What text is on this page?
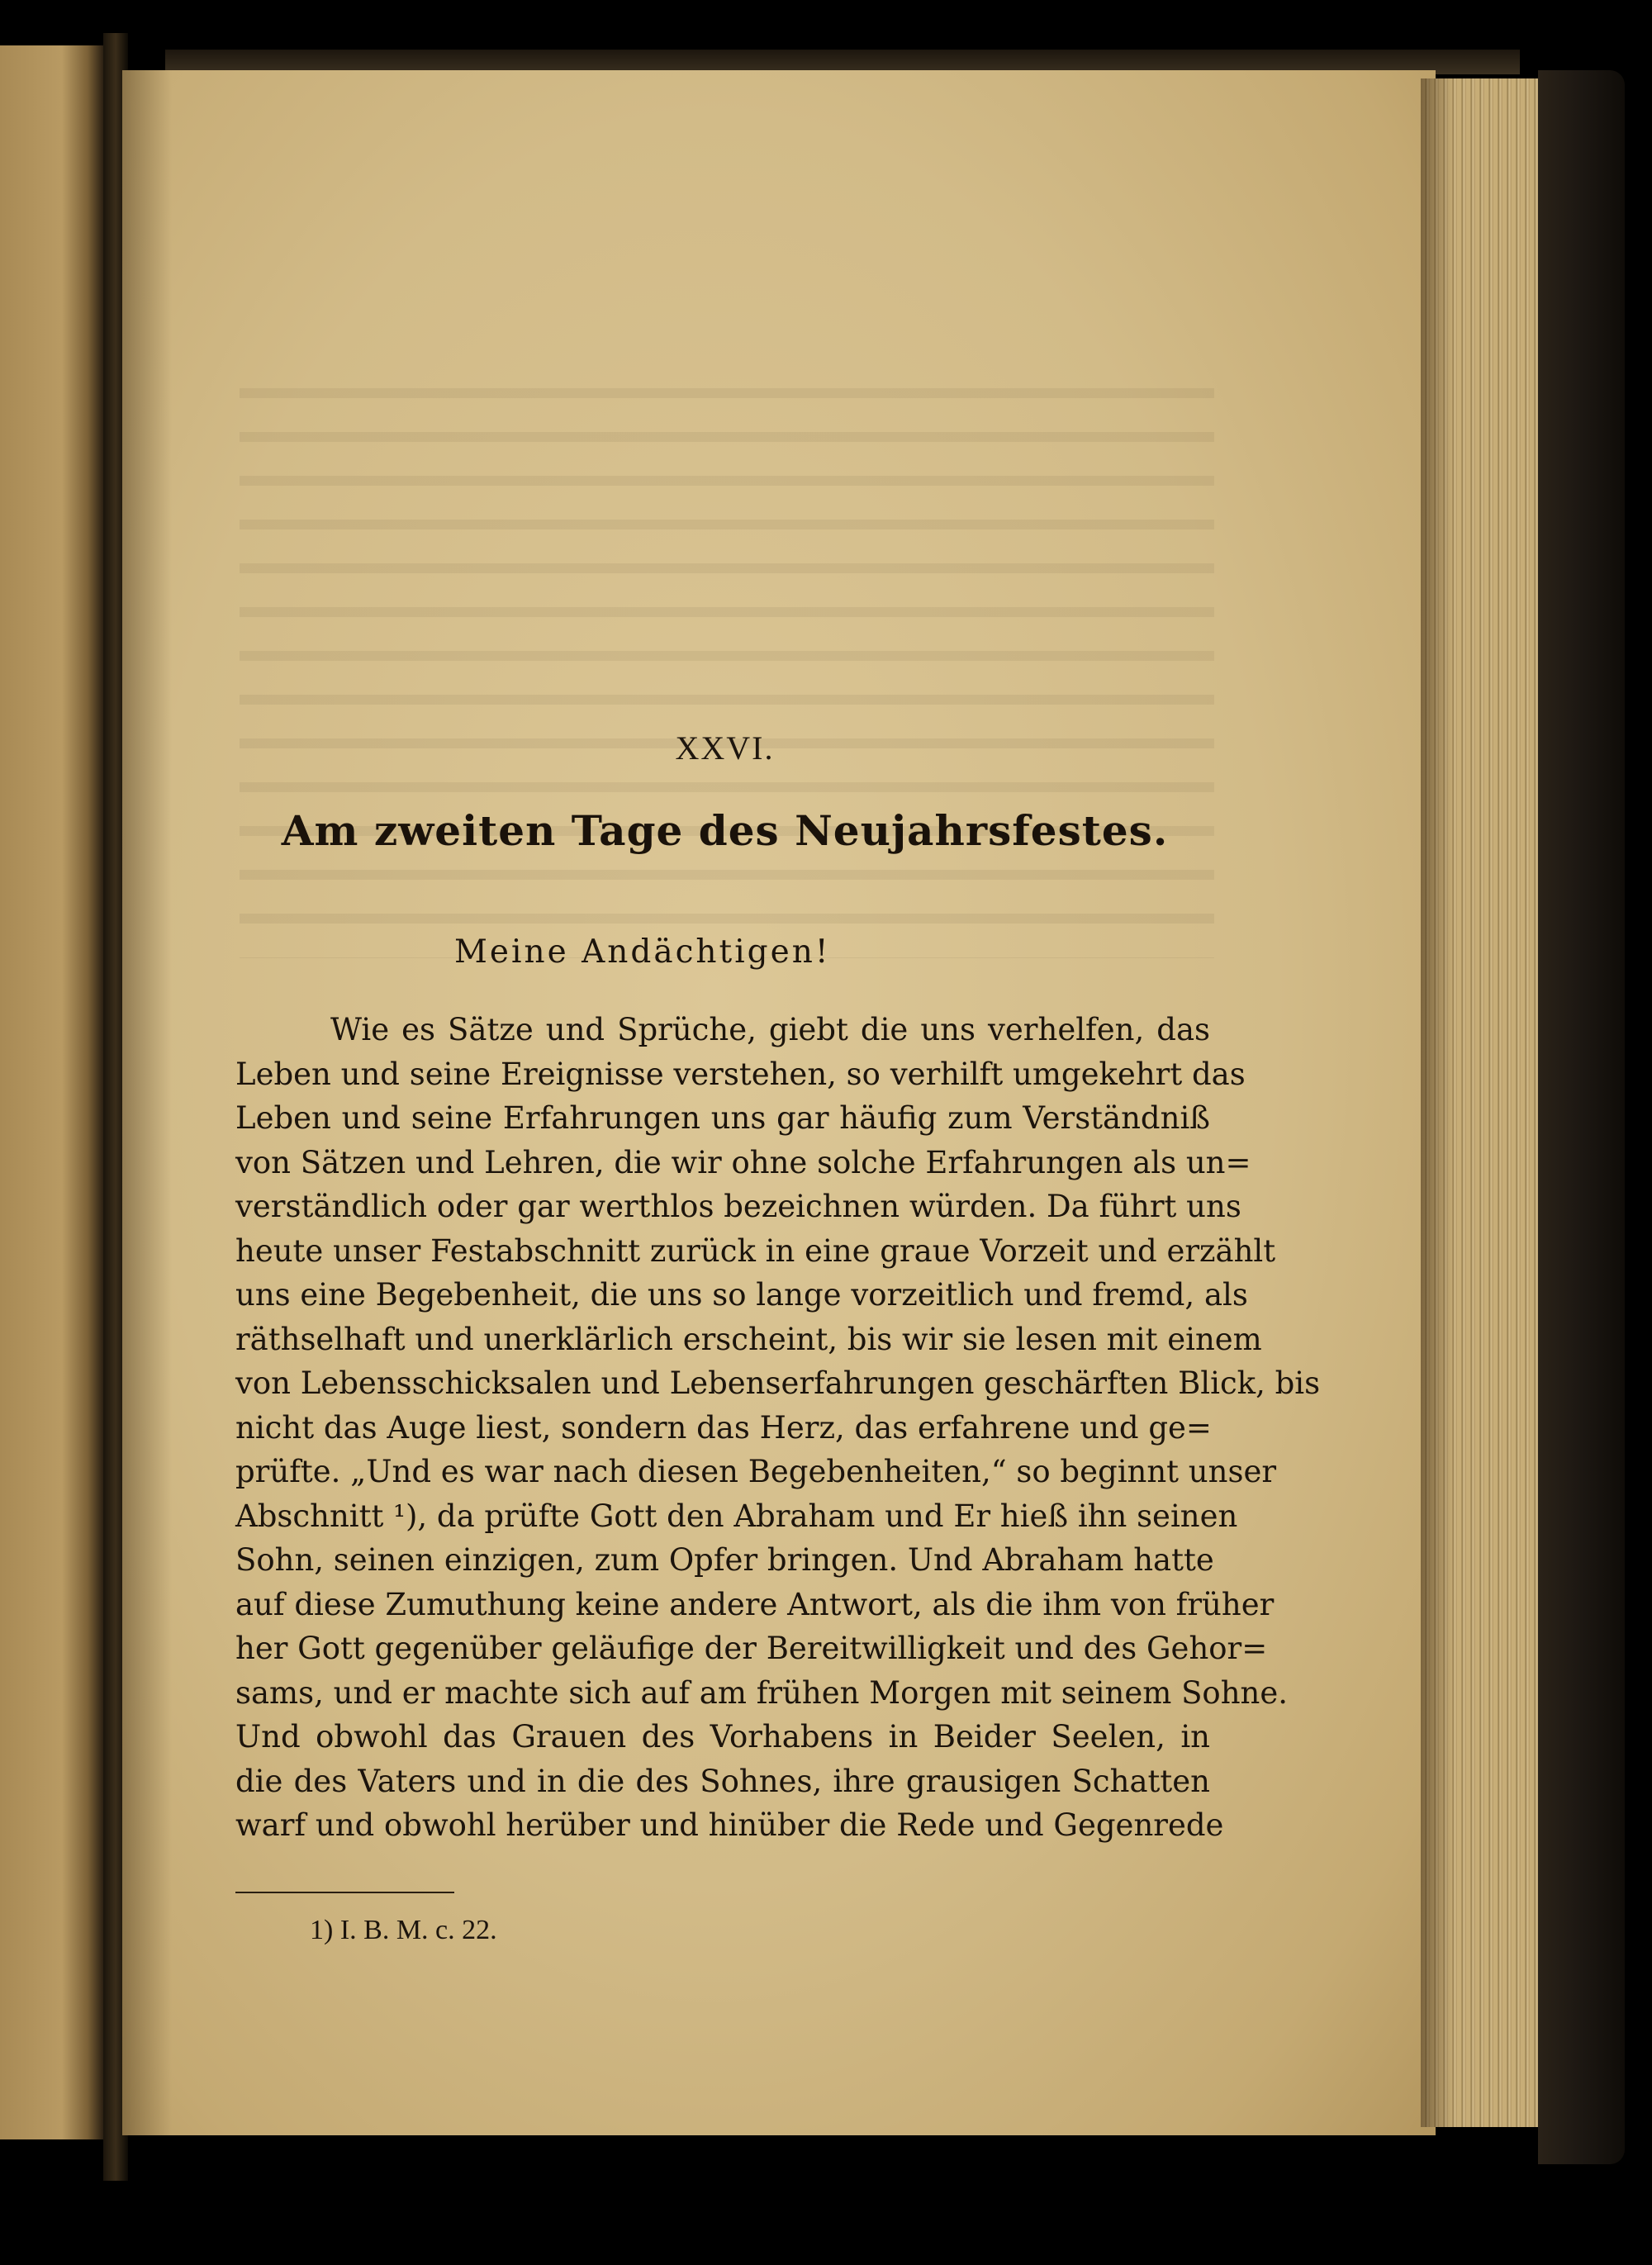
XXVI.
Am zweiten Tage des Neujahrsfestes.
Meine Andächtigen!
Wie es Sätze und Sprüche, giebt die uns verhelfen, das
Leben und seine Ereignisse verstehen, so verhilft umgekehrt das
Leben und seine Erfahrungen uns gar häufig zum Verständniß
von Sätzen und Lehren, die wir ohne solche Erfahrungen als un=
verständlich oder gar werthlos bezeichnen würden. Da führt uns
heute unser Festabschnitt zurück in eine graue Vorzeit und erzählt
uns eine Begebenheit, die uns so lange vorzeitlich und fremd, als
räthselhaft und unerklärlich erscheint, bis wir sie lesen mit einem
von Lebensschicksalen und Lebenserfahrungen geschärften Blick, bis
nicht das Auge liest, sondern das Herz, das erfahrene und ge=
prüfte. „Und es war nach diesen Begebenheiten,“ so beginnt unser
Abschnitt ¹), da prüfte Gott den Abraham und Er hieß ihn seinen
Sohn, seinen einzigen, zum Opfer bringen. Und Abraham hatte
auf diese Zumuthung keine andere Antwort, als die ihm von früher
her Gott gegenüber geläufige der Bereitwilligkeit und des Gehor=
sams, und er machte sich auf am frühen Morgen mit seinem Sohne.
Und obwohl das Grauen des Vorhabens in Beider Seelen, in
die des Vaters und in die des Sohnes, ihre grausigen Schatten
warf und obwohl herüber und hinüber die Rede und Gegenrede
1) I. B. M. c. 22.
